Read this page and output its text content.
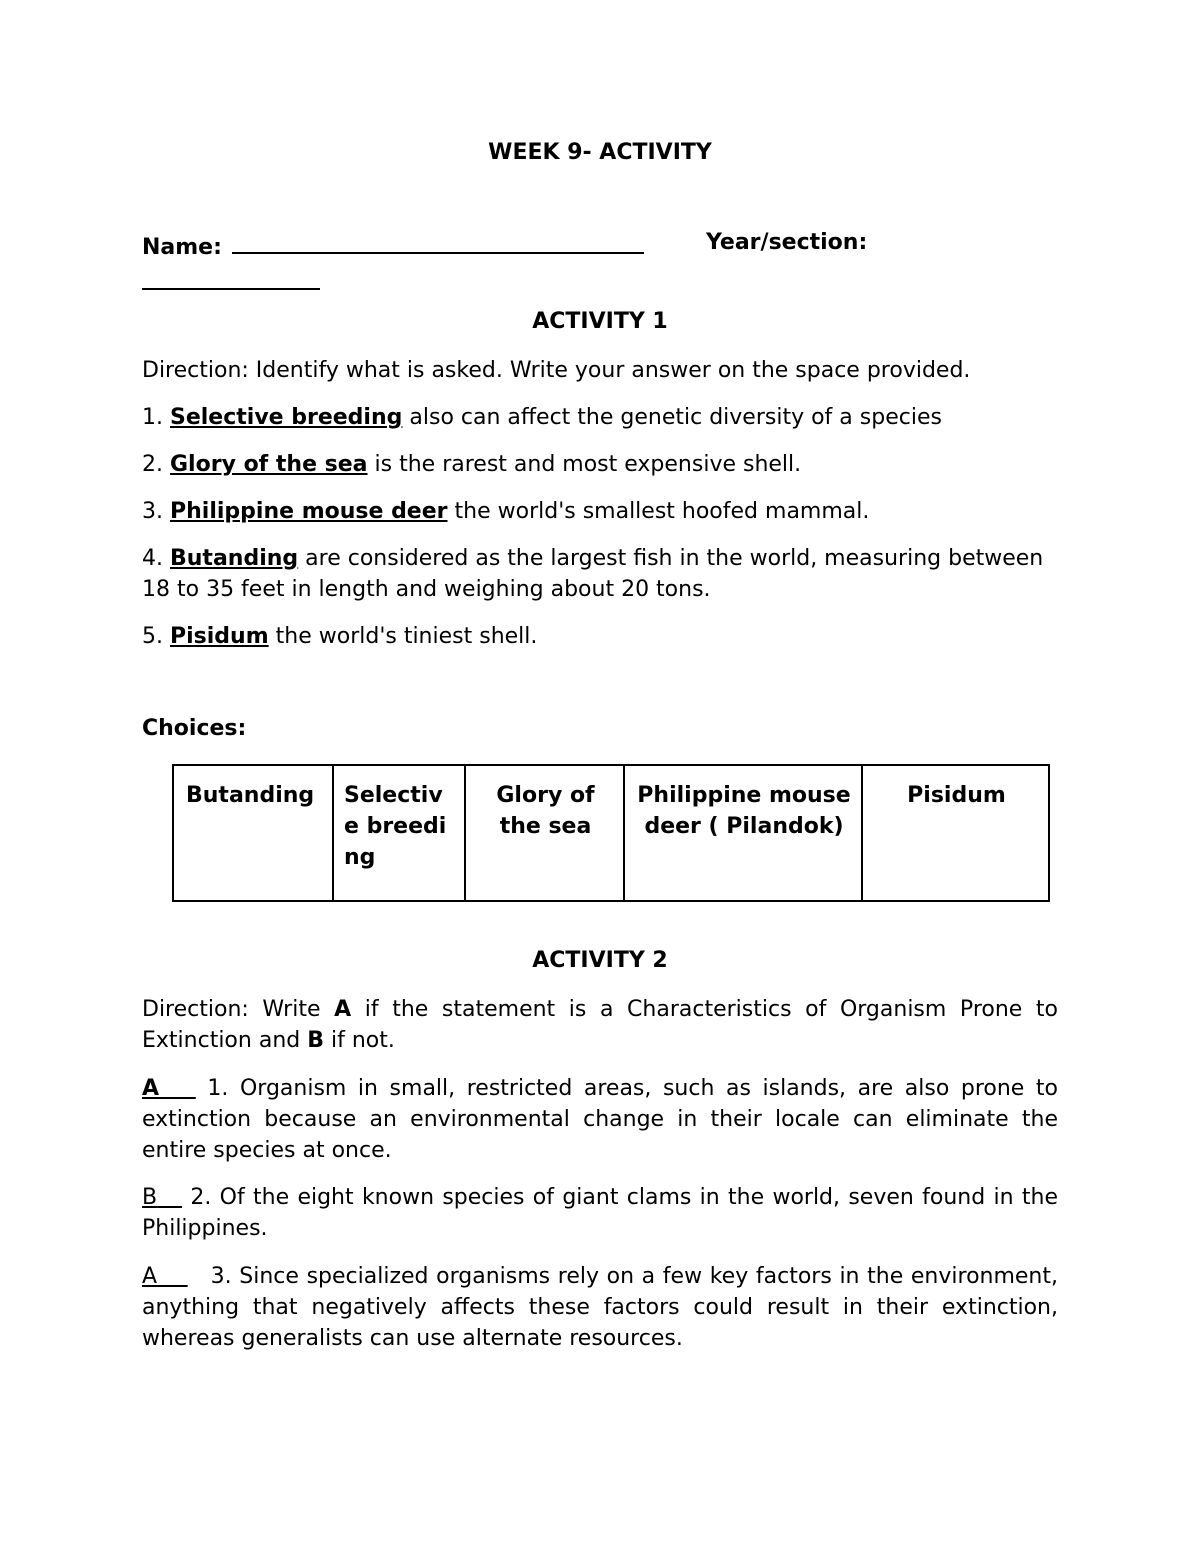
WEEK 9- ACTIVITY
Name:	Year/section:
ACTIVITY 1
Direction: Identify what is asked. Write your answer on the space provided.
1. Selective breeding also can affect the genetic diversity of a species
2. Glory of the sea is the rarest and most expensive shell.
3. Philippine mouse deer the world's smallest hoofed mammal.
4. Butanding are considered as the largest fish in the world, measuring between 18 to 35 feet in length and weighing about 20 tons.
5. Pisidum the world's tiniest shell.
Choices:
Butanding	Selective breeding	Glory of the sea	Philippine mouse deer ( Pilandok)	Pisidum
ACTIVITY 2
Direction: Write A if the statement is a Characteristics of Organism Prone to Extinction and B if not.
A 1. Organism in small, restricted areas, such as islands, are also prone to extinction because an environmental change in their locale can eliminate the entire species at once.
B 2. Of the eight known species of giant clams in the world, seven found in the Philippines.
A 3. Since specialized organisms rely on a few key factors in the environment, anything that negatively affects these factors could result in their extinction, whereas generalists can use alternate resources.
